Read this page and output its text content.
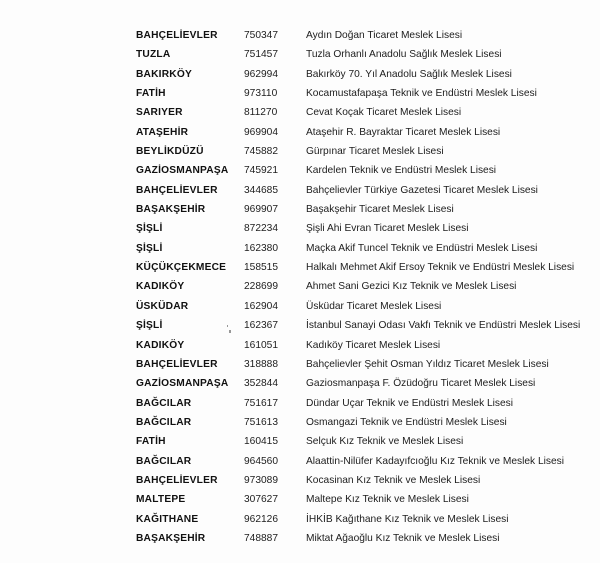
BAHÇELİEVLER	750347	Aydın Doğan Ticaret Meslek Lisesi
TUZLA	751457	Tuzla Orhanlı Anadolu Sağlık Meslek Lisesi
BAKIRKÖY	962994	Bakırköy 70. Yıl Anadolu Sağlık Meslek Lisesi
FATİH	973110	Kocamustafapaşa Teknik ve Endüstri Meslek Lisesi
SARIYER	811270	Cevat Koçak Ticaret Meslek Lisesi
ATAŞEHİR	969904	Ataşehir R. Bayraktar Ticaret Meslek Lisesi
BEYLİKDÜZÜ	745882	Gürpınar Ticaret Meslek Lisesi
GAZİOSMANPAŞA	745921	Kardelen Teknik ve Endüstri Meslek Lisesi
BAHÇELİEVLER	344685	Bahçelievler Türkiye Gazetesi Ticaret Meslek Lisesi
BAŞAKŞEHİR	969907	Başakşehir Ticaret Meslek Lisesi
ŞİŞLİ	872234	Şişli Ahi Evran Ticaret Meslek Lisesi
ŞİŞLİ	162380	Maçka Akif Tuncel Teknik ve Endüstri Meslek Lisesi
KÜÇÜKÇEKMECE	158515	Halkalı Mehmet Akif Ersoy Teknik ve Endüstri Meslek Lisesi
KADIKÖY	228699	Ahmet Sani Gezici Kız Teknik ve Meslek Lisesi
ÜSKÜDAR	162904	Üsküdar Ticaret Meslek Lisesi
ŞİŞLİ	162367	İstanbul Sanayi Odası Vakfı Teknik ve Endüstri Meslek Lisesi
KADIKÖY	161051	Kadıköy Ticaret Meslek Lisesi
BAHÇELİEVLER	318888	Bahçelievler Şehit Osman Yıldız Ticaret Meslek Lisesi
GAZİOSMANPAŞA	352844	Gaziosmanpaşa F. Özüdoğru Ticaret Meslek Lisesi
BAĞCILAR	751617	Dündar Uçar Teknik ve Endüstri Meslek Lisesi
BAĞCILAR	751613	Osmangazi Teknik ve Endüstri Meslek Lisesi
FATİH	160415	Selçuk Kız Teknik ve Meslek Lisesi
BAĞCILAR	964560	Alaattin-Nilüfer Kadayıfcıoğlu Kız Teknik ve Meslek Lisesi
BAHÇELİEVLER	973089	Kocasinan Kız Teknik ve Meslek Lisesi
MALTEPE	307627	Maltepe Kız Teknik ve Meslek Lisesi
KAĞITHANE	962126	İHKİB Kağıthane Kız Teknik ve Meslek Lisesi
BAŞAKŞEHİR	748887	Miktat Ağaoğlu Kız Teknik ve Meslek Lisesi
